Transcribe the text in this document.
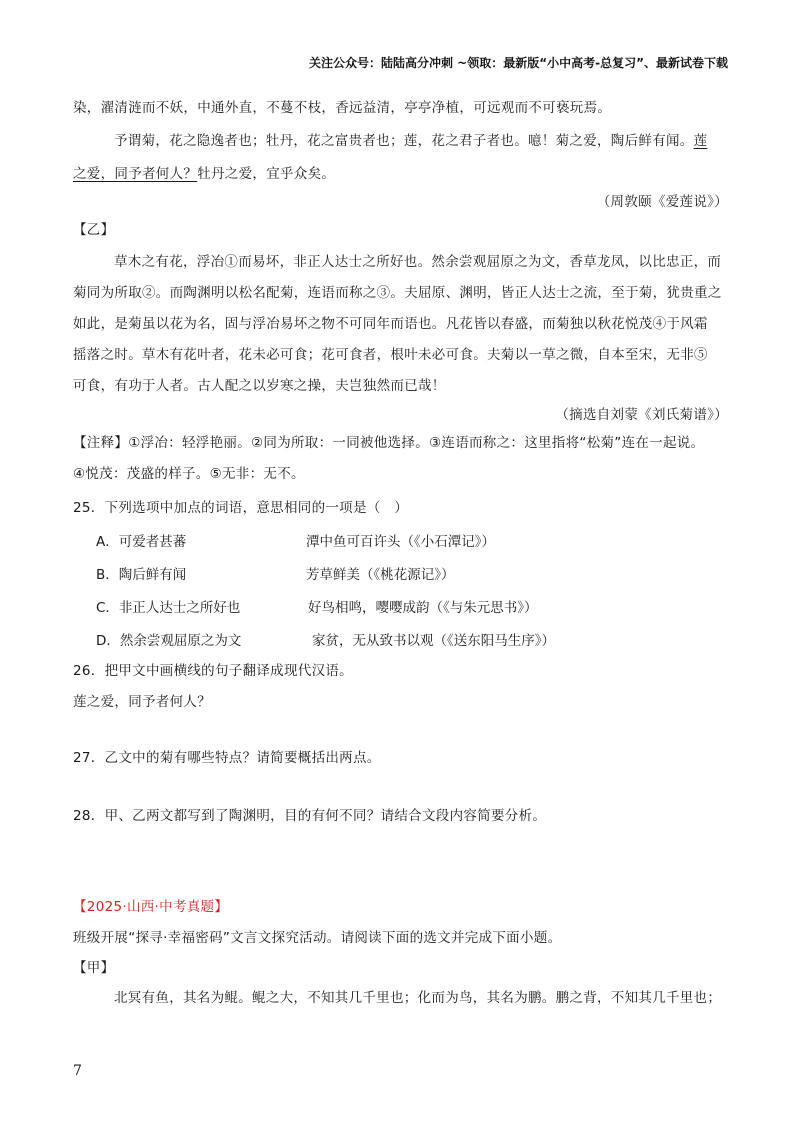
关注公众号：陆陆高分冲刺 ~领取：最新版“小中高考-总复习”、最新试卷下载
染，濯清涟而不妖，中通外直，不蔓不枝，香远益清，亭亭净植，可远观而不可亵玩焉。
予谓菊，花之隐逸者也；牡丹，花之富贵者也；莲，花之君子者也。噫！菊之爱，陶后鲜有闻。莲
之爱，同予者何人？牡丹之爱，宜乎众矣。
（周敦颐《爱莲说》）
【乙】
草木之有花，浮冶①而易坏，非正人达士之所好也。然余尝观屈原之为文，香草龙凤，以比忠正，而
菊同为所取②。而陶渊明以松名配菊，连语而称之③。夫屈原、渊明，皆正人达士之流，至于菊，犹贵重之
如此，是菊虽以花为名，固与浮冶易坏之物不可同年而语也。凡花皆以春盛，而菊独以秋花悦茂④于风霜
摇落之时。草木有花叶者，花未必可食；花可食者，根叶未必可食。夫菊以一草之微，自本至宋，无非⑤
可食，有功于人者。古人配之以岁寒之操，夫岂独然而已哉！
（摘选自刘蒙《刘氏菊谱》）
【注释】①浮冶：轻浮艳丽。②同为所取：一同被他选择。③连语而称之：这里指将“松菊”连在一起说。
④悦茂：茂盛的样子。⑤无非：无不。
25．下列选项中加点的词语，意思相同的一项是（　）
A．可爱者甚蕃	潭中鱼可百许头（《小石潭记》）
B．陶后鲜有闻	芳草鲜美（《桃花源记》）
C．非正人达士之所好也	好鸟相鸣，嘤嘤成韵（《与朱元思书》）
D．然余尝观屈原之为文	家贫，无从致书以观（《送东阳马生序》）
26．把甲文中画横线的句子翻译成现代汉语。
莲之爱，同予者何人？
27．乙文中的菊有哪些特点？请简要概括出两点。
28．甲、乙两文都写到了陶渊明，目的有何不同？请结合文段内容简要分析。
【2025·山西·中考真题】
班级开展“探寻·幸福密码”文言文探究活动。请阅读下面的选文并完成下面小题。
【甲】
北冥有鱼，其名为鲲。鲲之大，不知其几千里也；化而为鸟，其名为鹏。鹏之背，不知其几千里也；
7
